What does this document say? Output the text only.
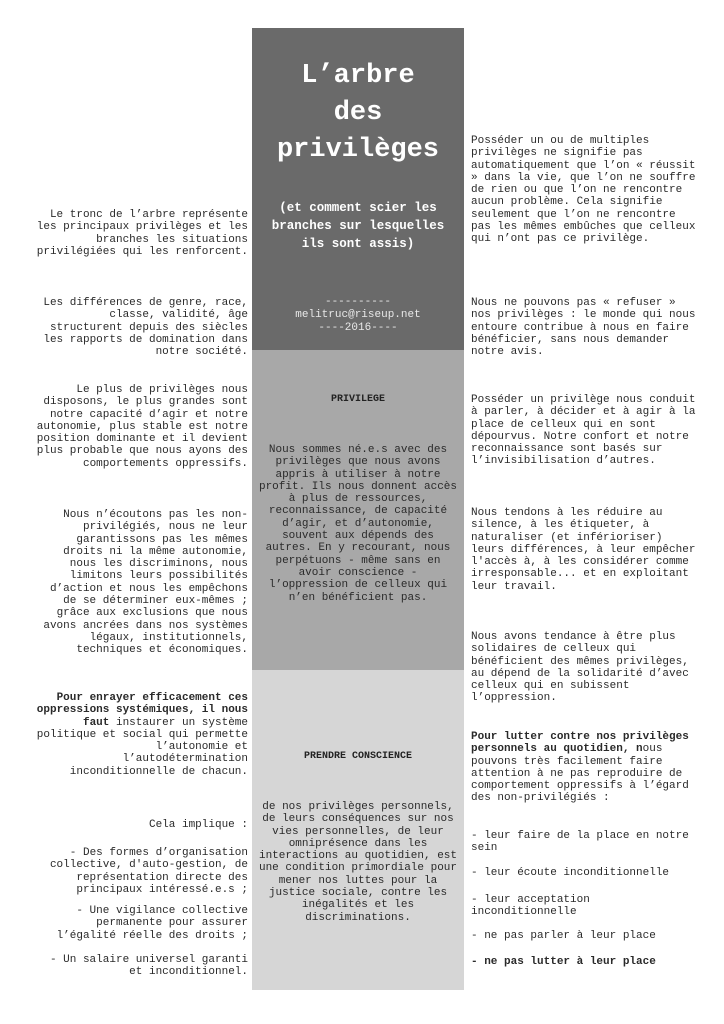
L’arbre
des
privilèges
(et comment scier les branches sur lesquelles ils sont assis)
----------
melitruc@riseup.net
----2016----
PRIVILEGE
Nous sommes né.e.s avec des privilèges que nous avons appris à utiliser à notre profit. Ils nous donnent accès à plus de ressources, reconnaissance, de capacité d’agir, et d’autonomie, souvent aux dépends des autres. En y recourant, nous perpétuons - même sans en avoir conscience - l’oppression de celleux qui n’en bénéficient pas.
PRENDRE CONSCIENCE
de nos privilèges personnels, de leurs conséquences sur nos vies personnelles, de leur omniprésence dans les interactions au quotidien, est une condition primordiale pour mener nos luttes pour la justice sociale, contre les inégalités et les discriminations.
Le tronc de l’arbre représente les principaux privilèges et les branches les situations privilégiées qui les renforcent.
Les différences de genre, race, classe, validité, âge structurent depuis des siècles les rapports de domination dans notre société.
Le plus de privilèges nous disposons, le plus grandes sont notre capacité d’agir et notre autonomie, plus stable est notre position dominante et il devient plus probable que nous ayons des comportements oppressifs.
Nous n’écoutons pas les non-privilégiés, nous ne leur garantissons pas les mêmes droits ni la même autonomie, nous les discriminons, nous limitons leurs possibilités d’action et nous les empêchons de se déterminer eux-mêmes ; grâce aux exclusions que nous avons ancrées dans nos systèmes légaux, institutionnels, techniques et économiques.
Pour enrayer efficacement ces oppressions systémiques, il nous faut instaurer un système politique et social qui permette l’autonomie et l’autodétermination inconditionnelle de chacun.
Cela implique :
- Des formes d’organisation collective, d'auto-gestion, de représentation directe des principaux intéressé.e.s ;
- Une vigilance collective permanente pour assurer l’égalité réelle des droits ;
- Un salaire universel garanti et inconditionnel.
Posséder un ou de multiples privilèges ne signifie pas automatiquement que l’on « réussit » dans la vie, que l’on ne souffre de rien ou que l’on ne rencontre aucun problème. Cela signifie seulement que l’on ne rencontre pas les mêmes embûches que celleux qui n’ont pas ce privilège.
Nous ne pouvons pas « refuser » nos privilèges : le monde qui nous entoure contribue à nous en faire bénéficier, sans nous demander notre avis.
Posséder un privilège nous conduit à parler, à décider et à agir à la place de celleux qui en sont dépourvus. Notre confort et notre reconnaissance sont basés sur l’invisibilisation d’autres.
Nous tendons à les réduire au silence, à les étiqueter, à naturaliser (et inférioriser) leurs différences, à leur empêcher l'accès à, à les considérer comme irresponsable... et en exploitant leur travail.
Nous avons tendance à être plus solidaires de celleux qui bénéficient des mêmes privilèges, au dépend de la solidarité d’avec celleux qui en subissent l’oppression.
Pour lutter contre nos privilèges personnels au quotidien, nous pouvons très facilement faire attention à ne pas reproduire de comportement oppressifs à l’égard des non-privilégiés :
- leur faire de la place en notre sein
- leur écoute inconditionnelle
- leur acceptation inconditionnelle
- ne pas parler à leur place
- ne pas lutter à leur place
